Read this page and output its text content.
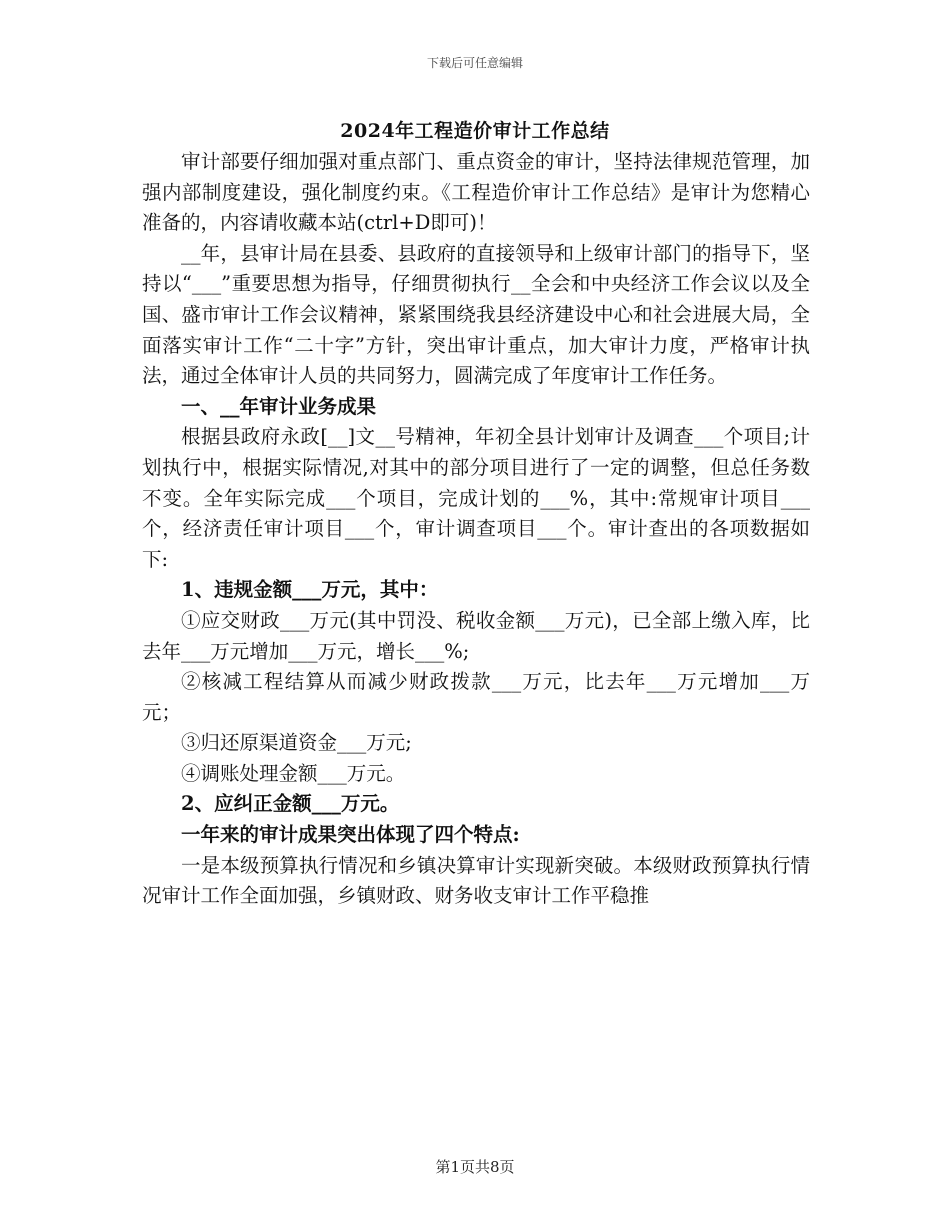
下载后可任意编辑
2024年工程造价审计工作总结

审计部要仔细加强对重点部门、重点资金的审计，坚持法律规范管理，加强内部制度建设，强化制度约束。《工程造价审计工作总结》是审计为您精心准备的，内容请收藏本站(ctrl+D即可)！

__年，县审计局在县委、县政府的直接领导和上级审计部门的指导下，坚持以“___”重要思想为指导，仔细贯彻执行__全会和中央经济工作会议以及全国、盛市审计工作会议精神，紧紧围绕我县经济建设中心和社会进展大局，全面落实审计工作“二十字”方针，突出审计重点，加大审计力度，严格审计执法，通过全体审计人员的共同努力，圆满完成了年度审计工作任务。

一、__年审计业务成果

根据县政府永政[__]文__号精神，年初全县计划审计及调查___个项目;计划执行中，根据实际情况,对其中的部分项目进行了一定的调整，但总任务数不变。全年实际完成___个项目，完成计划的___%，其中:常规审计项目___个，经济责任审计项目___个，审计调查项目___个。审计查出的各项数据如下:

1、违规金额___万元，其中：

①应交财政___万元(其中罚没、税收金额___万元)，已全部上缴入库，比去年___万元增加___万元，增长___%;

②核减工程结算从而减少财政拨款___万元，比去年___万元增加___万元；

③归还原渠道资金___万元;

④调账处理金额___万元。

2、应纠正金额___万元。

一年来的审计成果突出体现了四个特点:

一是本级预算执行情况和乡镇决算审计实现新突破。本级财政预算执行情况审计工作全面加强，乡镇财政、财务收支审计工作平稳推

第1页共8页
